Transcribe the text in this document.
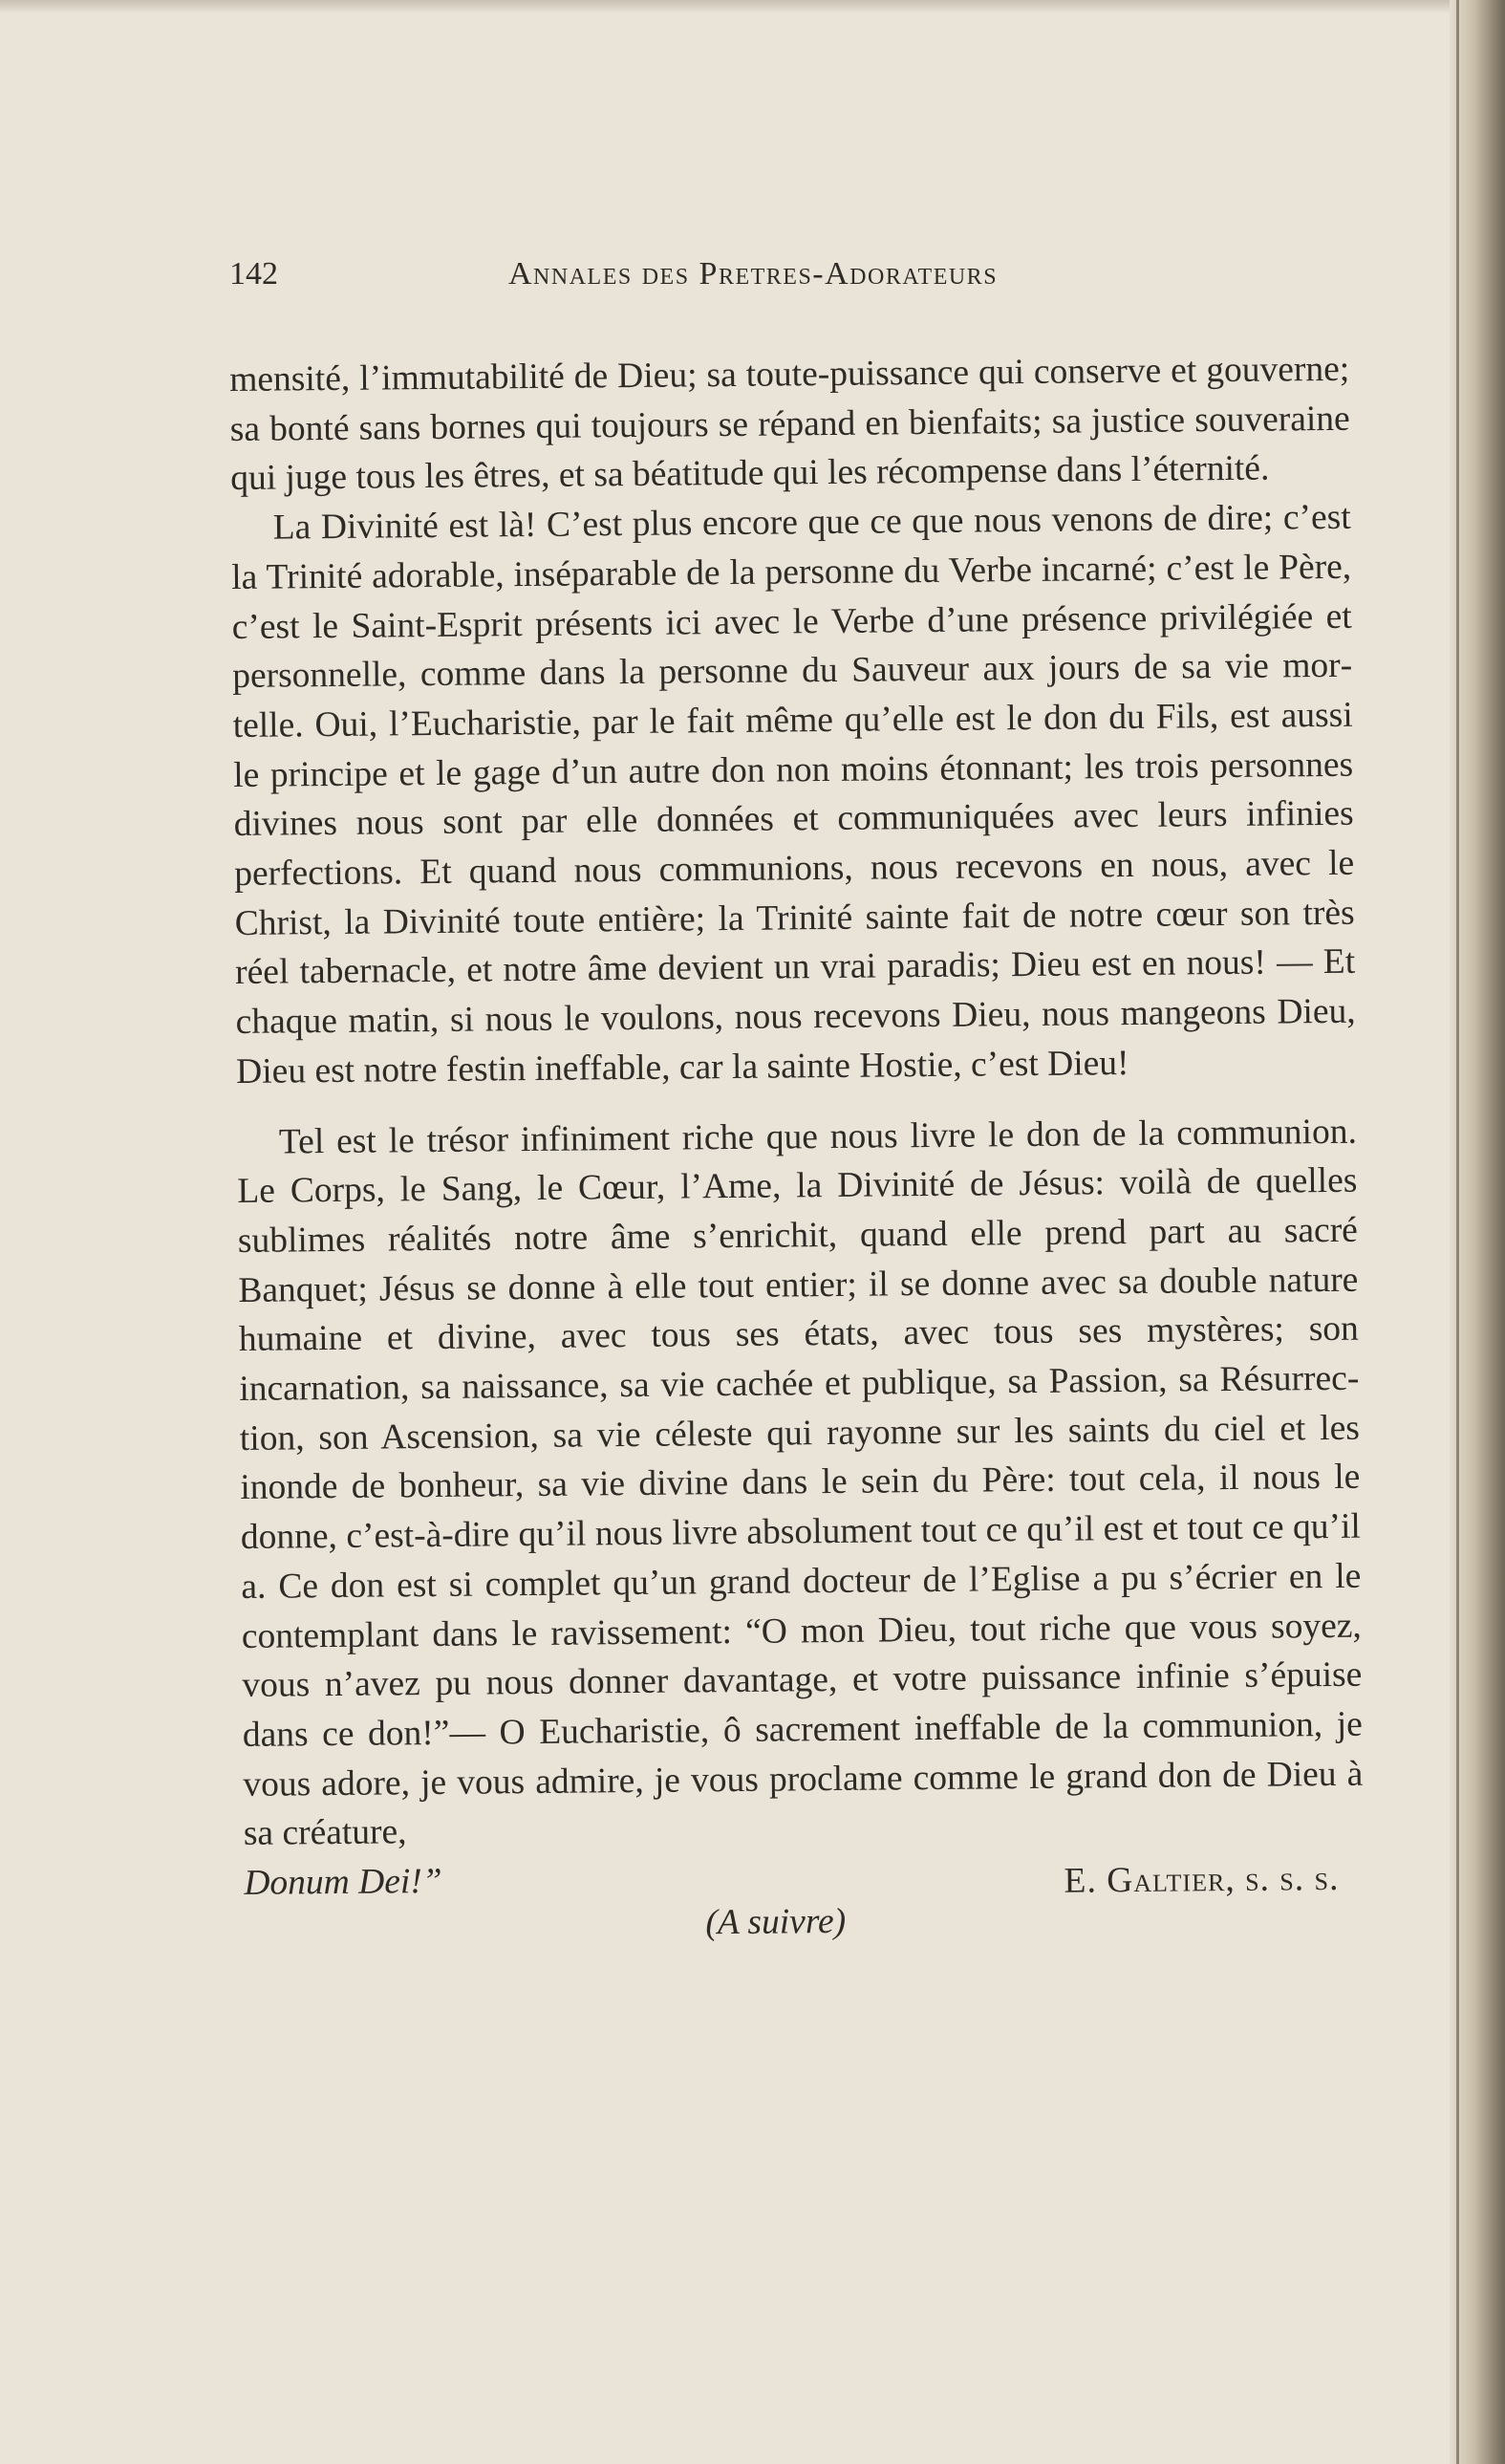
142	Annales des Pretres-Adorateurs

mensité, l’immutabilité de Dieu; sa toute-puissance qui conserve et gouverne; sa bonté sans bornes qui toujours se répand en bienfaits; sa justice souveraine qui juge tous les êtres, et sa béatitude qui les récompense dans l’éternité.

La Divinité est là! C’est plus encore que ce que nous venons de dire; c’est la Trinité adorable, inséparable de la personne du Verbe incarné; c’est le Père, c’est le Saint-Esprit présents ici avec le Verbe d’une présence privilégiée et personnelle, comme dans la personne du Sauveur aux jours de sa vie mortelle. Oui, l’Eucharistie, par le fait même qu’elle est le don du Fils, est aussi le principe et le gage d’un autre don non moins étonnant; les trois personnes divines nous sont par elle données et communiquées avec leurs infinies perfections. Et quand nous communions, nous recevons en nous, avec le Christ, la Divinité toute entière; la Trinité sainte fait de notre cœur son très réel tabernacle, et notre âme devient un vrai paradis; Dieu est en nous! — Et chaque matin, si nous le voulons, nous recevons Dieu, nous mangeons Dieu, Dieu est notre festin ineffable, car la sainte Hostie, c’est Dieu!

Tel est le trésor infiniment riche que nous livre le don de la communion. Le Corps, le Sang, le Cœur, l’Ame, la Divinité de Jésus: voilà de quelles sublimes réalités notre âme s’enrichit, quand elle prend part au sacré Banquet; Jésus se donne à elle tout entier; il se donne avec sa double nature humaine et divine, avec tous ses états, avec tous ses mystères; son incarnation, sa naissance, sa vie cachée et publique, sa Passion, sa Résurrection, son Ascension, sa vie céleste qui rayonne sur les saints du ciel et les inonde de bonheur, sa vie divine dans le sein du Père: tout cela, il nous le donne, c’est-à-dire qu’il nous livre absolument tout ce qu’il est et tout ce qu’il a. Ce don est si complet qu’un grand docteur de l’Eglise a pu s’écrier en le contemplant dans le ravissement: “O mon Dieu, tout riche que vous soyez, vous n’avez pu nous donner davantage, et votre puissance infinie s’épuise dans ce don!”— O Eucharistie, ô sacrement ineffable de la communion, je vous adore, je vous admire, je vous proclame comme le grand don de Dieu à sa créature,

Donum Dei!”	E. Galtier, s. s. s.
(A suivre)
